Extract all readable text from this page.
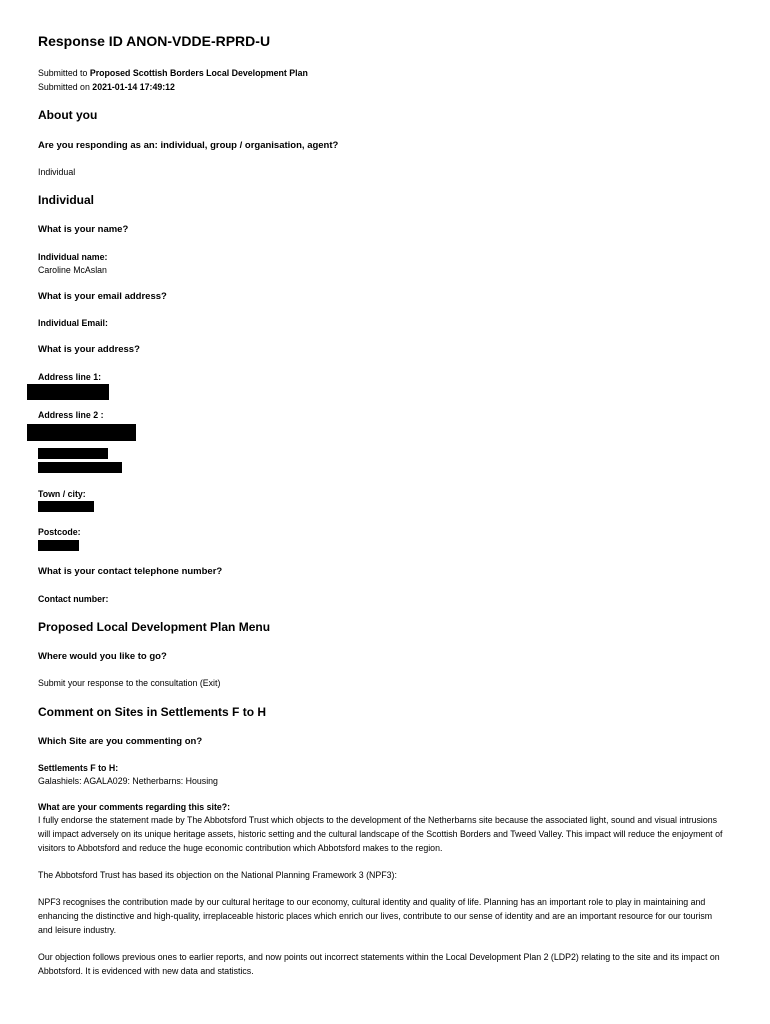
Response ID ANON-VDDE-RPRD-U
Submitted to Proposed Scottish Borders Local Development Plan
Submitted on 2021-01-14 17:49:12
About you
Are you responding as an: individual, group / organisation, agent?
Individual
Individual
What is your name?
Individual name:
Caroline McAslan
What is your email address?
Individual Email:
What is your address?
Address line 1:
Address line 2 :
Town / city:
Postcode:
What is your contact telephone number?
Contact number:
Proposed Local Development Plan Menu
Where would you like to go?
Submit your response to the consultation (Exit)
Comment on Sites in Settlements F to H
Which Site are you commenting on?
Settlements F to H:
Galashiels: AGALA029: Netherbarns: Housing
What are your comments regarding this site?:
I fully endorse the statement made by The Abbotsford Trust which objects to the development of the Netherbarns site because the associated light, sound and visual intrusions will impact adversely on its unique heritage assets, historic setting and the cultural landscape of the Scottish Borders and Tweed Valley. This impact will reduce the enjoyment of visitors to Abbotsford and reduce the huge economic contribution which Abbotsford makes to the region.
The Abbotsford Trust has based its objection on the National Planning Framework 3 (NPF3):
NPF3 recognises the contribution made by our cultural heritage to our economy, cultural identity and quality of life. Planning has an important role to play in maintaining and enhancing the distinctive and high-quality, irreplaceable historic places which enrich our lives, contribute to our sense of identity and are an important resource for our tourism and leisure industry.
Our objection follows previous ones to earlier reports, and now points out incorrect statements within the Local Development Plan 2 (LDP2) relating to the site and its impact on Abbotsford. It is evidenced with new data and statistics.
